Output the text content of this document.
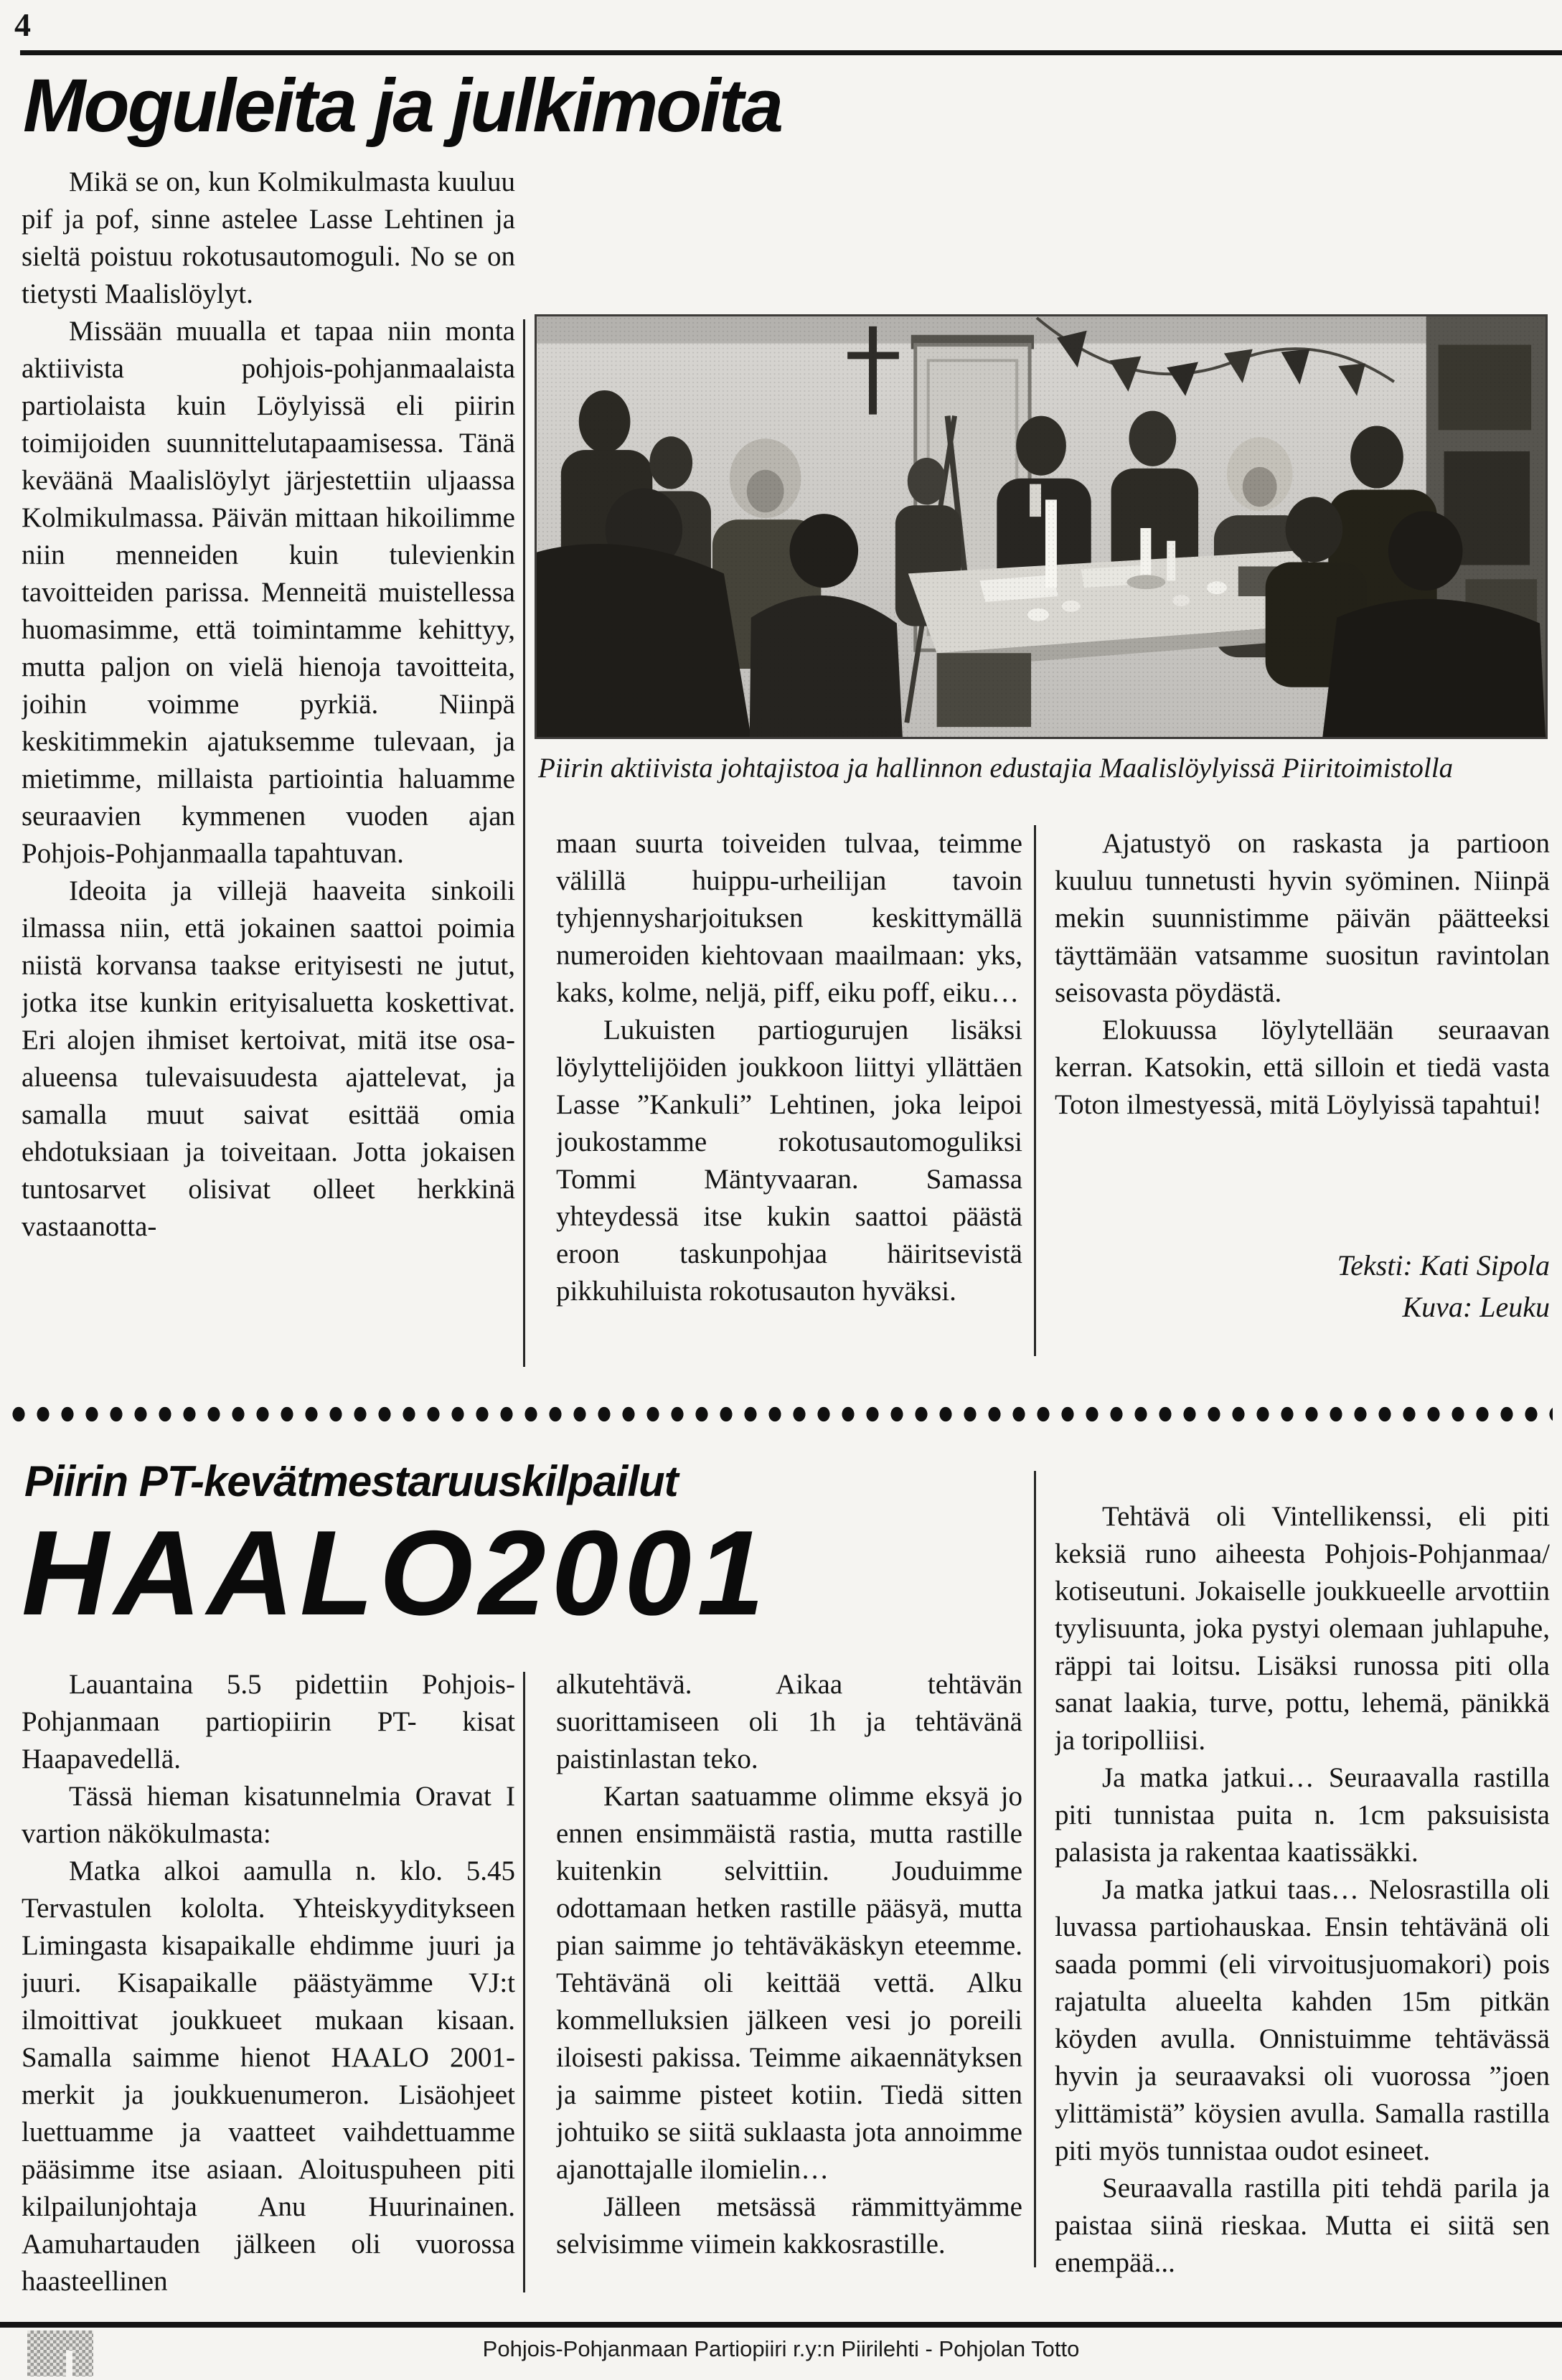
4
Moguleita ja julkimoita

Mikä se on, kun Kolmikulmasta kuuluu pif ja pof, sinne astelee Lasse Lehtinen ja sieltä poistuu rokotusautomoguli. No se on tietysti Maalislöylyt.

Missään muualla et tapaa niin monta aktiivista pohjois-pohjanmaalaista partiolaista kuin Löylyissä eli piirin toimijoiden suunnittelutapaamisessa. Tänä keväänä Maalislöylyt järjestettiin uljaassa Kolmikulmassa. Päivän mittaan hikoilimme niin menneiden kuin tulevienkin tavoitteiden parissa. Menneitä muistellessa huomasimme, että toimintamme kehittyy, mutta paljon on vielä hienoja tavoitteita, joihin voimme pyrkiä. Niinpä keskitimmekin ajatuksemme tulevaan, ja mietimme, millaista partiointia haluamme seuraavien kymmenen vuoden ajan Pohjois-Pohjanmaalla tapahtuvan.

Ideoita ja villejä haaveita sinkoili ilmassa niin, että jokainen saattoi poimia niistä korvansa taakse erityisesti ne jutut, jotka itse kunkin erityisaluetta koskettivat. Eri alojen ihmiset kertoivat, mitä itse osa-alueensa tulevaisuudesta ajattelevat, ja samalla muut saivat esittää omia ehdotuksiaan ja toiveitaan. Jotta jokaisen tuntosarvet olisivat olleet herkkinä vastaanotta-

Piirin aktiivista johtajistoa ja hallinnon edustajia Maalislöylyissä Piiritoimistolla

maan suurta toiveiden tulvaa, teimme välillä huippu-urheilijan tavoin tyhjennysharjoituksen keskittymällä numeroiden kiehtovaan maailmaan: yks, kaks, kolme, neljä, piff, eiku poff, eiku…

Lukuisten partiogurujen lisäksi löylyttelijöiden joukkoon liittyi yllättäen Lasse ”Kankuli” Lehtinen, joka leipoi joukostamme rokotusautomoguliksi Tommi Mäntyvaaran. Samassa yhteydessä itse kukin saattoi päästä eroon taskunpohjaa häiritsevistä pikkuhiluista rokotusauton hyväksi.

Ajatustyö on raskasta ja partioon kuuluu tunnetusti hyvin syöminen. Niinpä mekin suunnistimme päivän päätteeksi täyttämään vatsamme suositun ravintolan seisovasta pöydästä.

Elokuussa löylytellään seuraavan kerran. Katsokin, että silloin et tiedä vasta Toton ilmestyessä, mitä Löylyissä tapahtui!

Teksti: Kati Sipola
Kuva: Leuku
Piirin PT-kevätmestaruuskilpailut
HAALO2001

Lauantaina 5.5 pidettiin Pohjois-Pohjanmaan partiopiirin PT- kisat Haapavedellä.

Tässä hieman kisatunnelmia Oravat I vartion näkökulmasta:

Matka alkoi aamulla n. klo. 5.45 Tervastulen kololta. Yhteiskyyditykseen Limingasta kisapaikalle ehdimme juuri ja juuri. Kisapaikalle päästyämme VJ:t ilmoittivat joukkueet mukaan kisaan. Samalla saimme hienot HAALO 2001- merkit ja joukkuenumeron. Lisäohjeet luettuamme ja vaatteet vaihdettuamme pääsimme itse asiaan. Aloituspuheen piti kilpailunjohtaja Anu Huurinainen. Aamuhartauden jälkeen oli vuorossa haasteellinen

alkutehtävä. Aikaa tehtävän suorittamiseen oli 1h ja tehtävänä paistinlastan teko.

Kartan saatuamme olimme eksyä jo ennen ensimmäistä rastia, mutta rastille kuitenkin selvittiin. Jouduimme odottamaan hetken rastille pääsyä, mutta pian saimme jo tehtäväkäskyn eteemme. Tehtävänä oli keittää vettä. Alku kommelluksien jälkeen vesi jo poreili iloisesti pakissa. Teimme aikaennätyksen ja saimme pisteet kotiin. Tiedä sitten johtuiko se siitä suklaasta jota annoimme ajanottajalle ilomielin…

Jälleen metsässä rämmittyämme selvisimme viimein kakkosrastille.

Tehtävä oli Vintellikenssi, eli piti keksiä runo aiheesta Pohjois-Pohjanmaa/ kotiseutuni. Jokaiselle joukkueelle arvottiin tyylisuunta, joka pystyi olemaan juhlapuhe, räppi tai loitsu. Lisäksi runossa piti olla sanat laakia, turve, pottu, lehemä, pänikkä ja toripolliisi.

Ja matka jatkui… Seuraavalla rastilla piti tunnistaa puita n. 1cm paksuisista palasista ja rakentaa kaatissäkki.

Ja matka jatkui taas… Nelosrastilla oli luvassa partiohauskaa. Ensin tehtävänä oli saada pommi (eli virvoitusjuomakori) pois rajatulta alueelta kahden 15m pitkän köyden avulla. Onnistuimme tehtävässä hyvin ja seuraavaksi oli vuorossa ”joen ylittämistä” köysien avulla. Samalla rastilla piti myös tunnistaa oudot esineet.

Seuraavalla rastilla piti tehdä parila ja paistaa siinä rieskaa. Mutta ei siitä sen enempää...

Pohjois-Pohjanmaan Partiopiiri r.y:n Piirilehti - Pohjolan Totto
